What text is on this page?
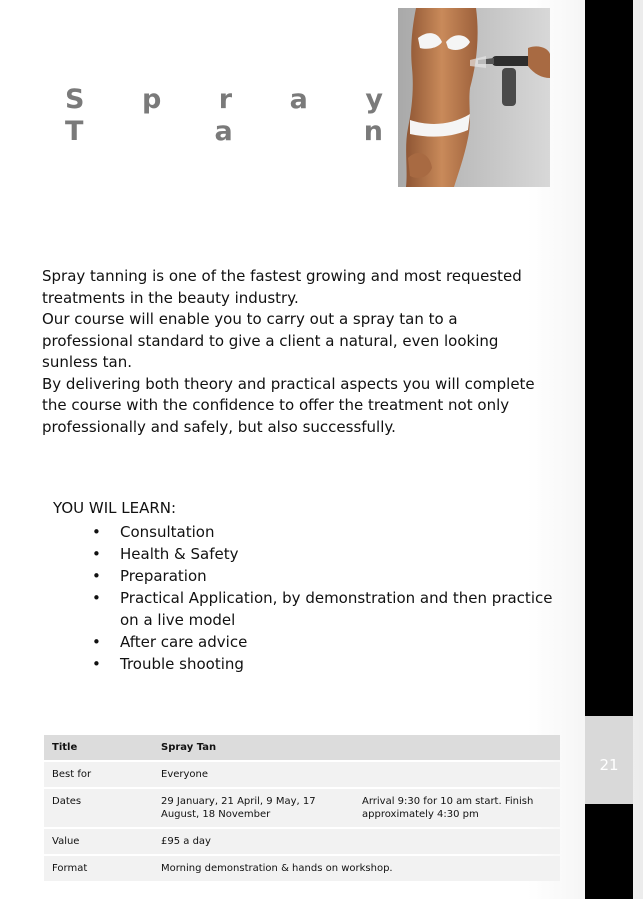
21
S p r a y
T	a	n

Spray tanning is one of the fastest growing and most requested treatments in the beauty industry.

Our course will enable you to carry out a spray tan to a professional standard to give a client a natural, even looking sunless tan.

By delivering both theory and practical aspects you will complete the course with the confidence to offer the treatment not only professionally and safely, but also successfully.

YOU WIL LEARN:

• Consultation
• Health & Safety
• Preparation
• Practical Application, by demonstration and then practice on a live model
• After care advice
• Trouble shooting
Title	Spray Tan	
Best for	Everyone	
Dates	29 January, 21 April, 9 May, 17 August, 18 November	Arrival 9:30 for 10 am start. Finish approximately 4:30 pm
Value	£95 a day	
Format	Morning demonstration & hands on workshop.	
